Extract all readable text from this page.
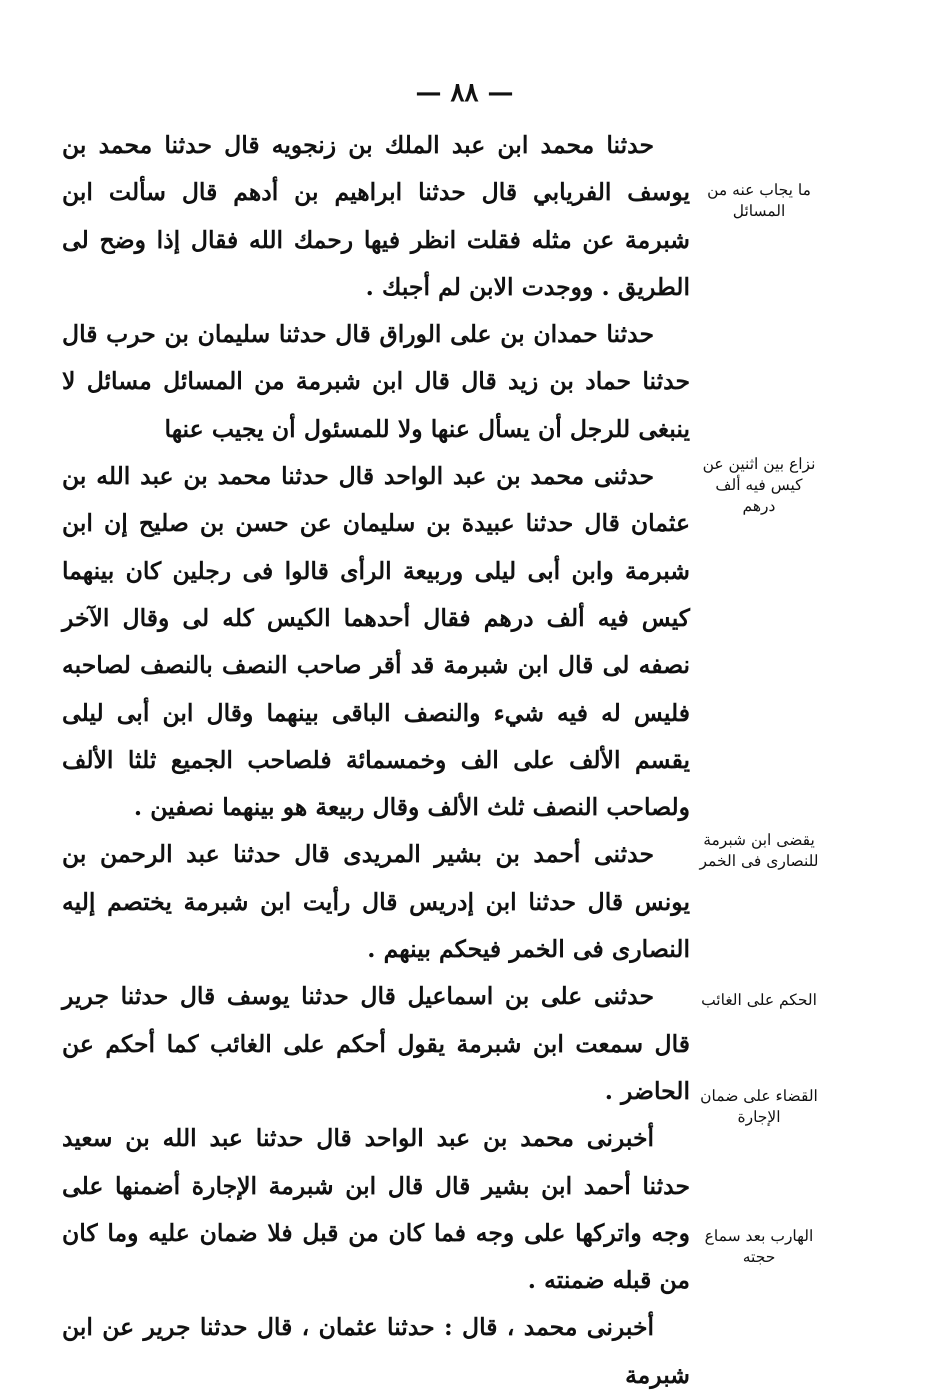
— ٨٨ —

حدثنا محمد ابن عبد الملك بن زنجويه قال حدثنا محمد بن يوسف الفريابي قال حدثنا ابراهيم بن أدهم قال سألت ابن شبرمة عن مثله فقلت انظر فيها رحمك الله فقال إذا وضح لى الطريق . ووجدت الابن لم أجبك .

حدثنا حمدان بن على الوراق قال حدثنا سليمان بن حرب قال حدثنا حماد بن زيد قال قال ابن شبرمة من المسائل مسائل لا ينبغى للرجل أن يسأل عنها ولا للمسئول أن يجيب عنها

حدثنى محمد بن عبد الواحد قال حدثنا محمد بن عبد الله بن عثمان قال حدثنا عبيدة بن سليمان عن حسن بن صليح إن ابن شبرمة وابن أبى ليلى وربيعة الرأى قالوا فى رجلين كان بينهما كيس فيه ألف درهم فقال أحدهما الكيس كله لى وقال الآخر نصفه لى قال ابن شبرمة قد أقر صاحب النصف بالنصف لصاحبه فليس له فيه شيء والنصف الباقى بينهما وقال ابن أبى ليلى يقسم الألف على الف وخمسمائة فلصاحب الجميع ثلثا الألف ولصاحب النصف ثلث الألف وقال ربيعة هو بينهما نصفين .

حدثنى أحمد بن بشير المريدى قال حدثنا عبد الرحمن بن يونس قال حدثنا ابن إدريس قال رأيت ابن شبرمة يختصم إليه النصارى فى الخمر فيحكم بينهم .

حدثنى على بن اسماعيل قال حدثنا يوسف قال حدثنا جرير قال سمعت ابن شبرمة يقول أحكم على الغائب كما أحكم عن الحاضر .

أخبرنى محمد بن عبد الواحد قال حدثنا عبد الله بن سعيد حدثنا أحمد ابن بشير قال قال ابن شبرمة الإجارة أضمنها على وجه واتركها على وجه فما كان من قبل فلا ضمان عليه وما كان من قبله ضمنته .

أخبرنى محمد ، قال : حدثنا عثمان ، قال حدثنا جرير عن ابن شبرمة

ما يجاب عنه من المسائل
نزاع بين اثنين عن كيس فيه ألف درهم
يقضى ابن شبرمة للنصارى فى الخمر
الحكم على الغائب
القضاء على ضمان الإجارة
الهارب بعد سماع حجته
